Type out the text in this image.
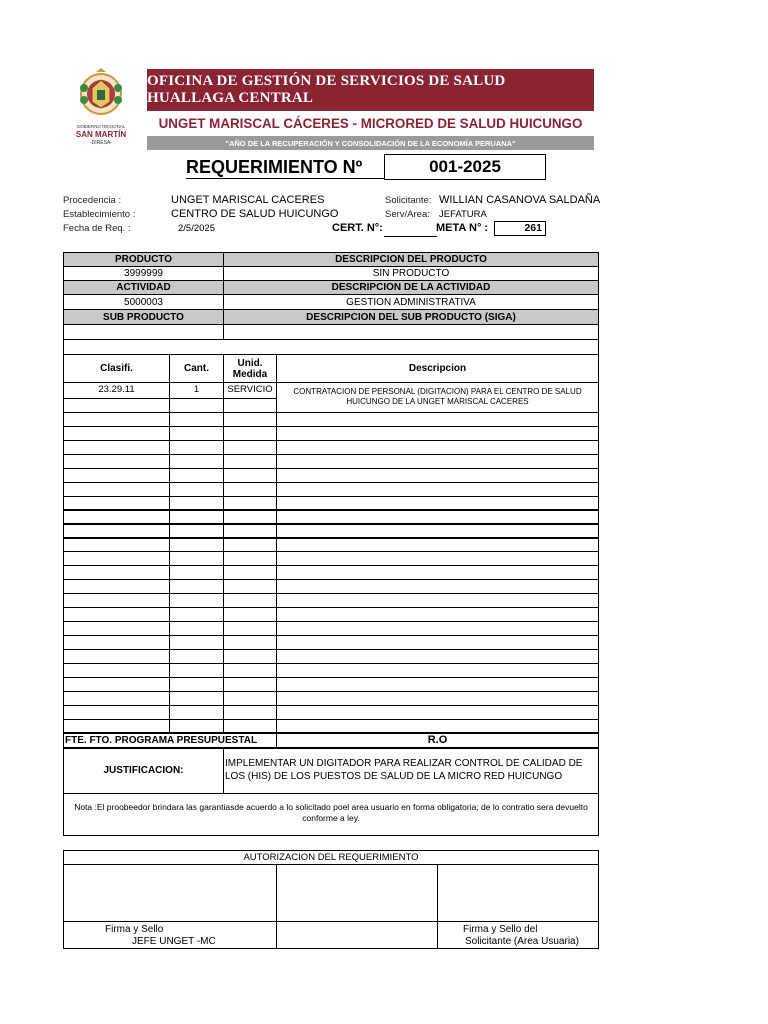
GOBIERNO REGIONAL
SAN MARTÍN
-DIRESA-
OFICINA DE GESTIÓN DE SERVICIOS DE SALUD HUALLAGA CENTRAL
UNGET MARISCAL CÁCERES - MICRORED DE SALUD HUICUNGO
"AÑO DE LA RECUPERACIÓN Y CONSOLIDACIÓN DE LA ECONOMÍA PERUANA"
REQUERIMIENTO Nº	001-2025
Procedencia :	UNGET MARISCAL CACERES
Establecimiento :	CENTRO DE SALUD HUICUNGO
Fecha de Req. :	2/5/2025
Solicitante: WILLIAN CASANOVA SALDAÑA
Serv/Area: JEFATURA
CERT. N°:	META N° :	261
PRODUCTO	DESCRIPCION DEL PRODUCTO
3999999	SIN PRODUCTO
ACTIVIDAD	DESCRIPCION DE LA ACTIVIDAD
5000003	GESTION ADMINISTRATIVA
SUB PRODUCTO	DESCRIPCION DEL SUB PRODUCTO (SIGA)
Clasifi.	Cant.	Unid. Medida	Descripcion
23.29.11	1	SERVICIO	CONTRATACION DE PERSONAL (DIGITACION) PARA EL CENTRO DE SALUD HUICUNGO DE LA UNGET MARISCAL CACERES
FTE. FTO. PROGRAMA PRESUPUESTAL	R.O
JUSTIFICACION:
IMPLEMENTAR UN DIGITADOR PARA REALIZAR CONTROL DE CALIDAD DE LOS (HIS) DE LOS PUESTOS DE SALUD DE LA MICRO RED HUICUNGO
Nota :El proobeedor brindara las garantiasde acuerdo a lo solicitado poel area usuario en forma obligatoria; de lo contratio sera devuelto conforme a ley.
AUTORIZACION DEL REQUERIMIENTO
Firma y Sello
JEFE UNGET -MC
Firma y Sello del
Solicitante (Area Usuaria)
